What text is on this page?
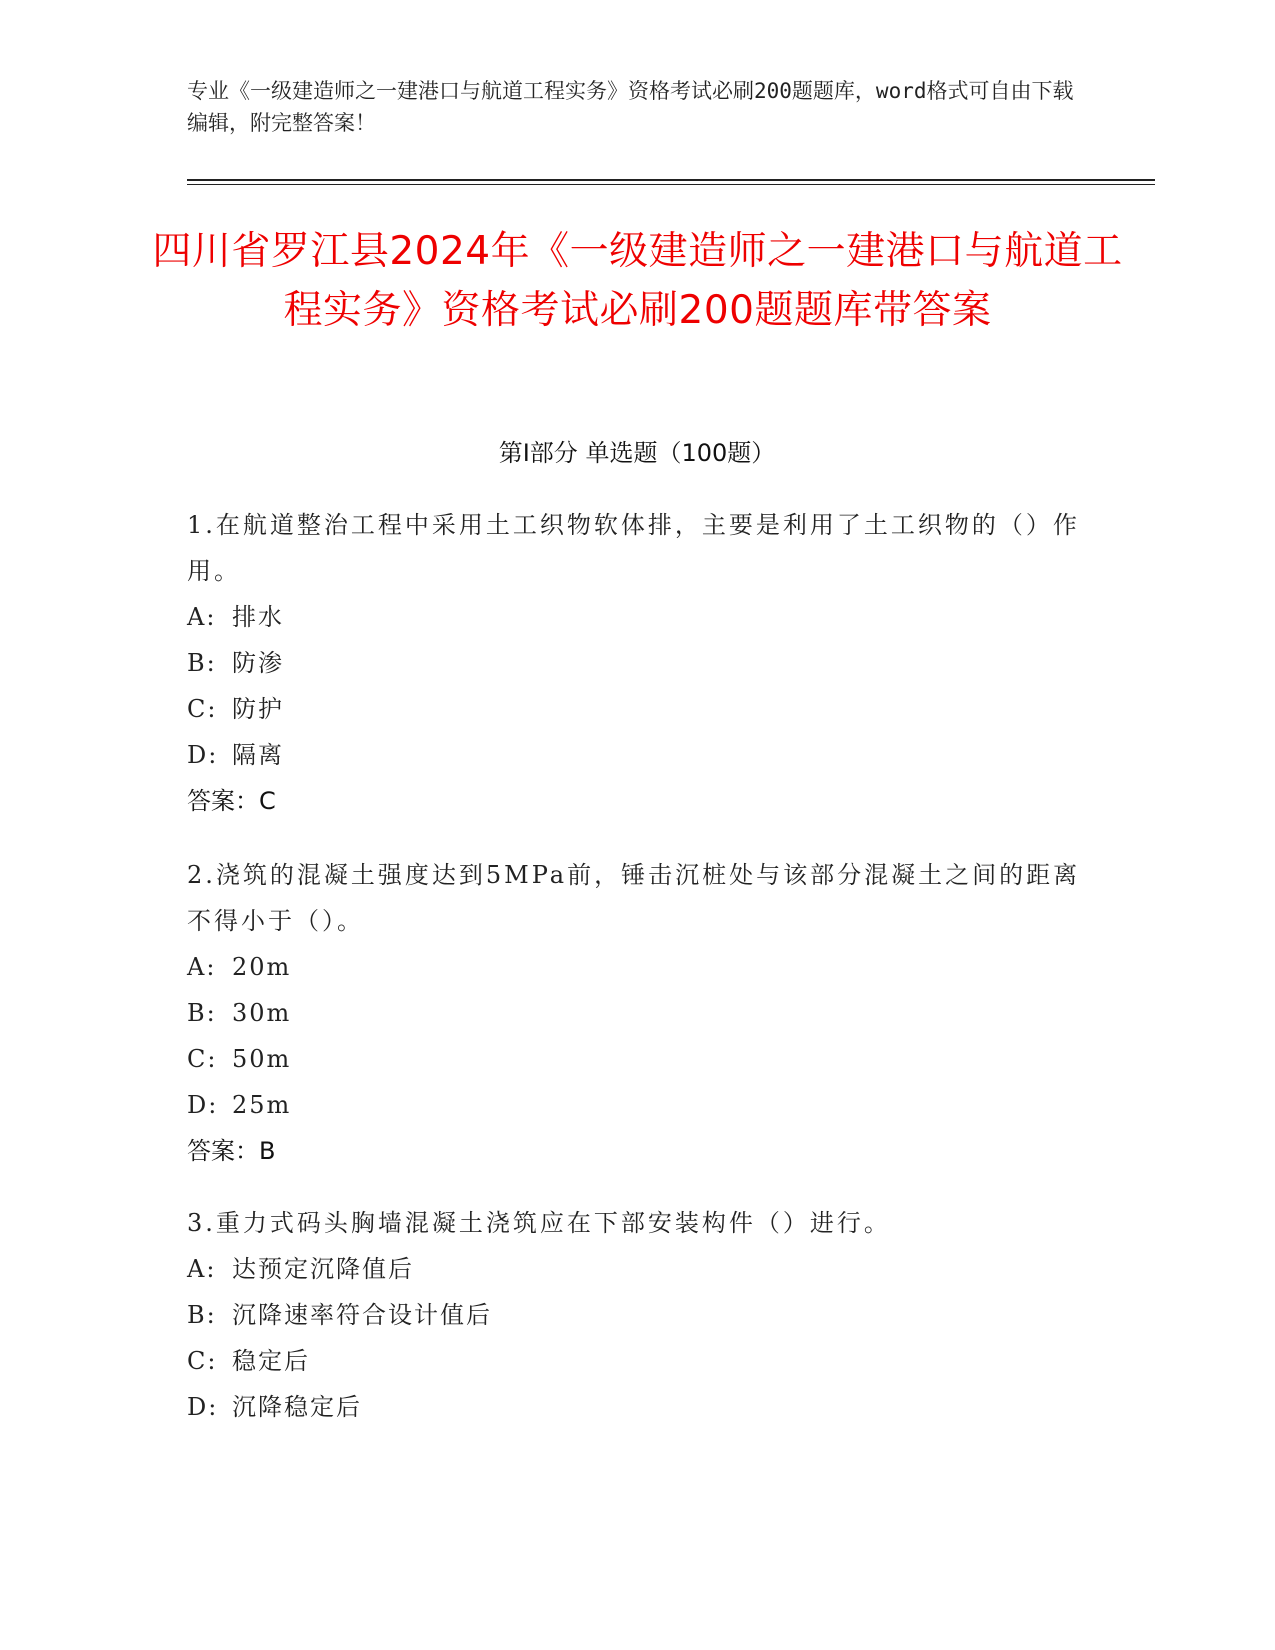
专业《一级建造师之一建港口与航道工程实务》资格考试必刷200题题库，word格式可自由下载编辑，附完整答案！
四川省罗江县2024年《一级建造师之一建港口与航道工程实务》资格考试必刷200题题库带答案
第Ⅰ部分 单选题（100题）

1.在航道整治工程中采用土工织物软体排，主要是利用了土工织物的（）作用。

A: 排水

B: 防渗

C: 防护

D: 隔离

答案：C

2.浇筑的混凝土强度达到5MPa前，锤击沉桩处与该部分混凝土之间的距离不得小于（）。

A: 20m

B: 30m

C: 50m

D: 25m

答案：B

3.重力式码头胸墙混凝土浇筑应在下部安装构件（）进行。

A: 达预定沉降值后

B: 沉降速率符合设计值后

C: 稳定后

D: 沉降稳定后
